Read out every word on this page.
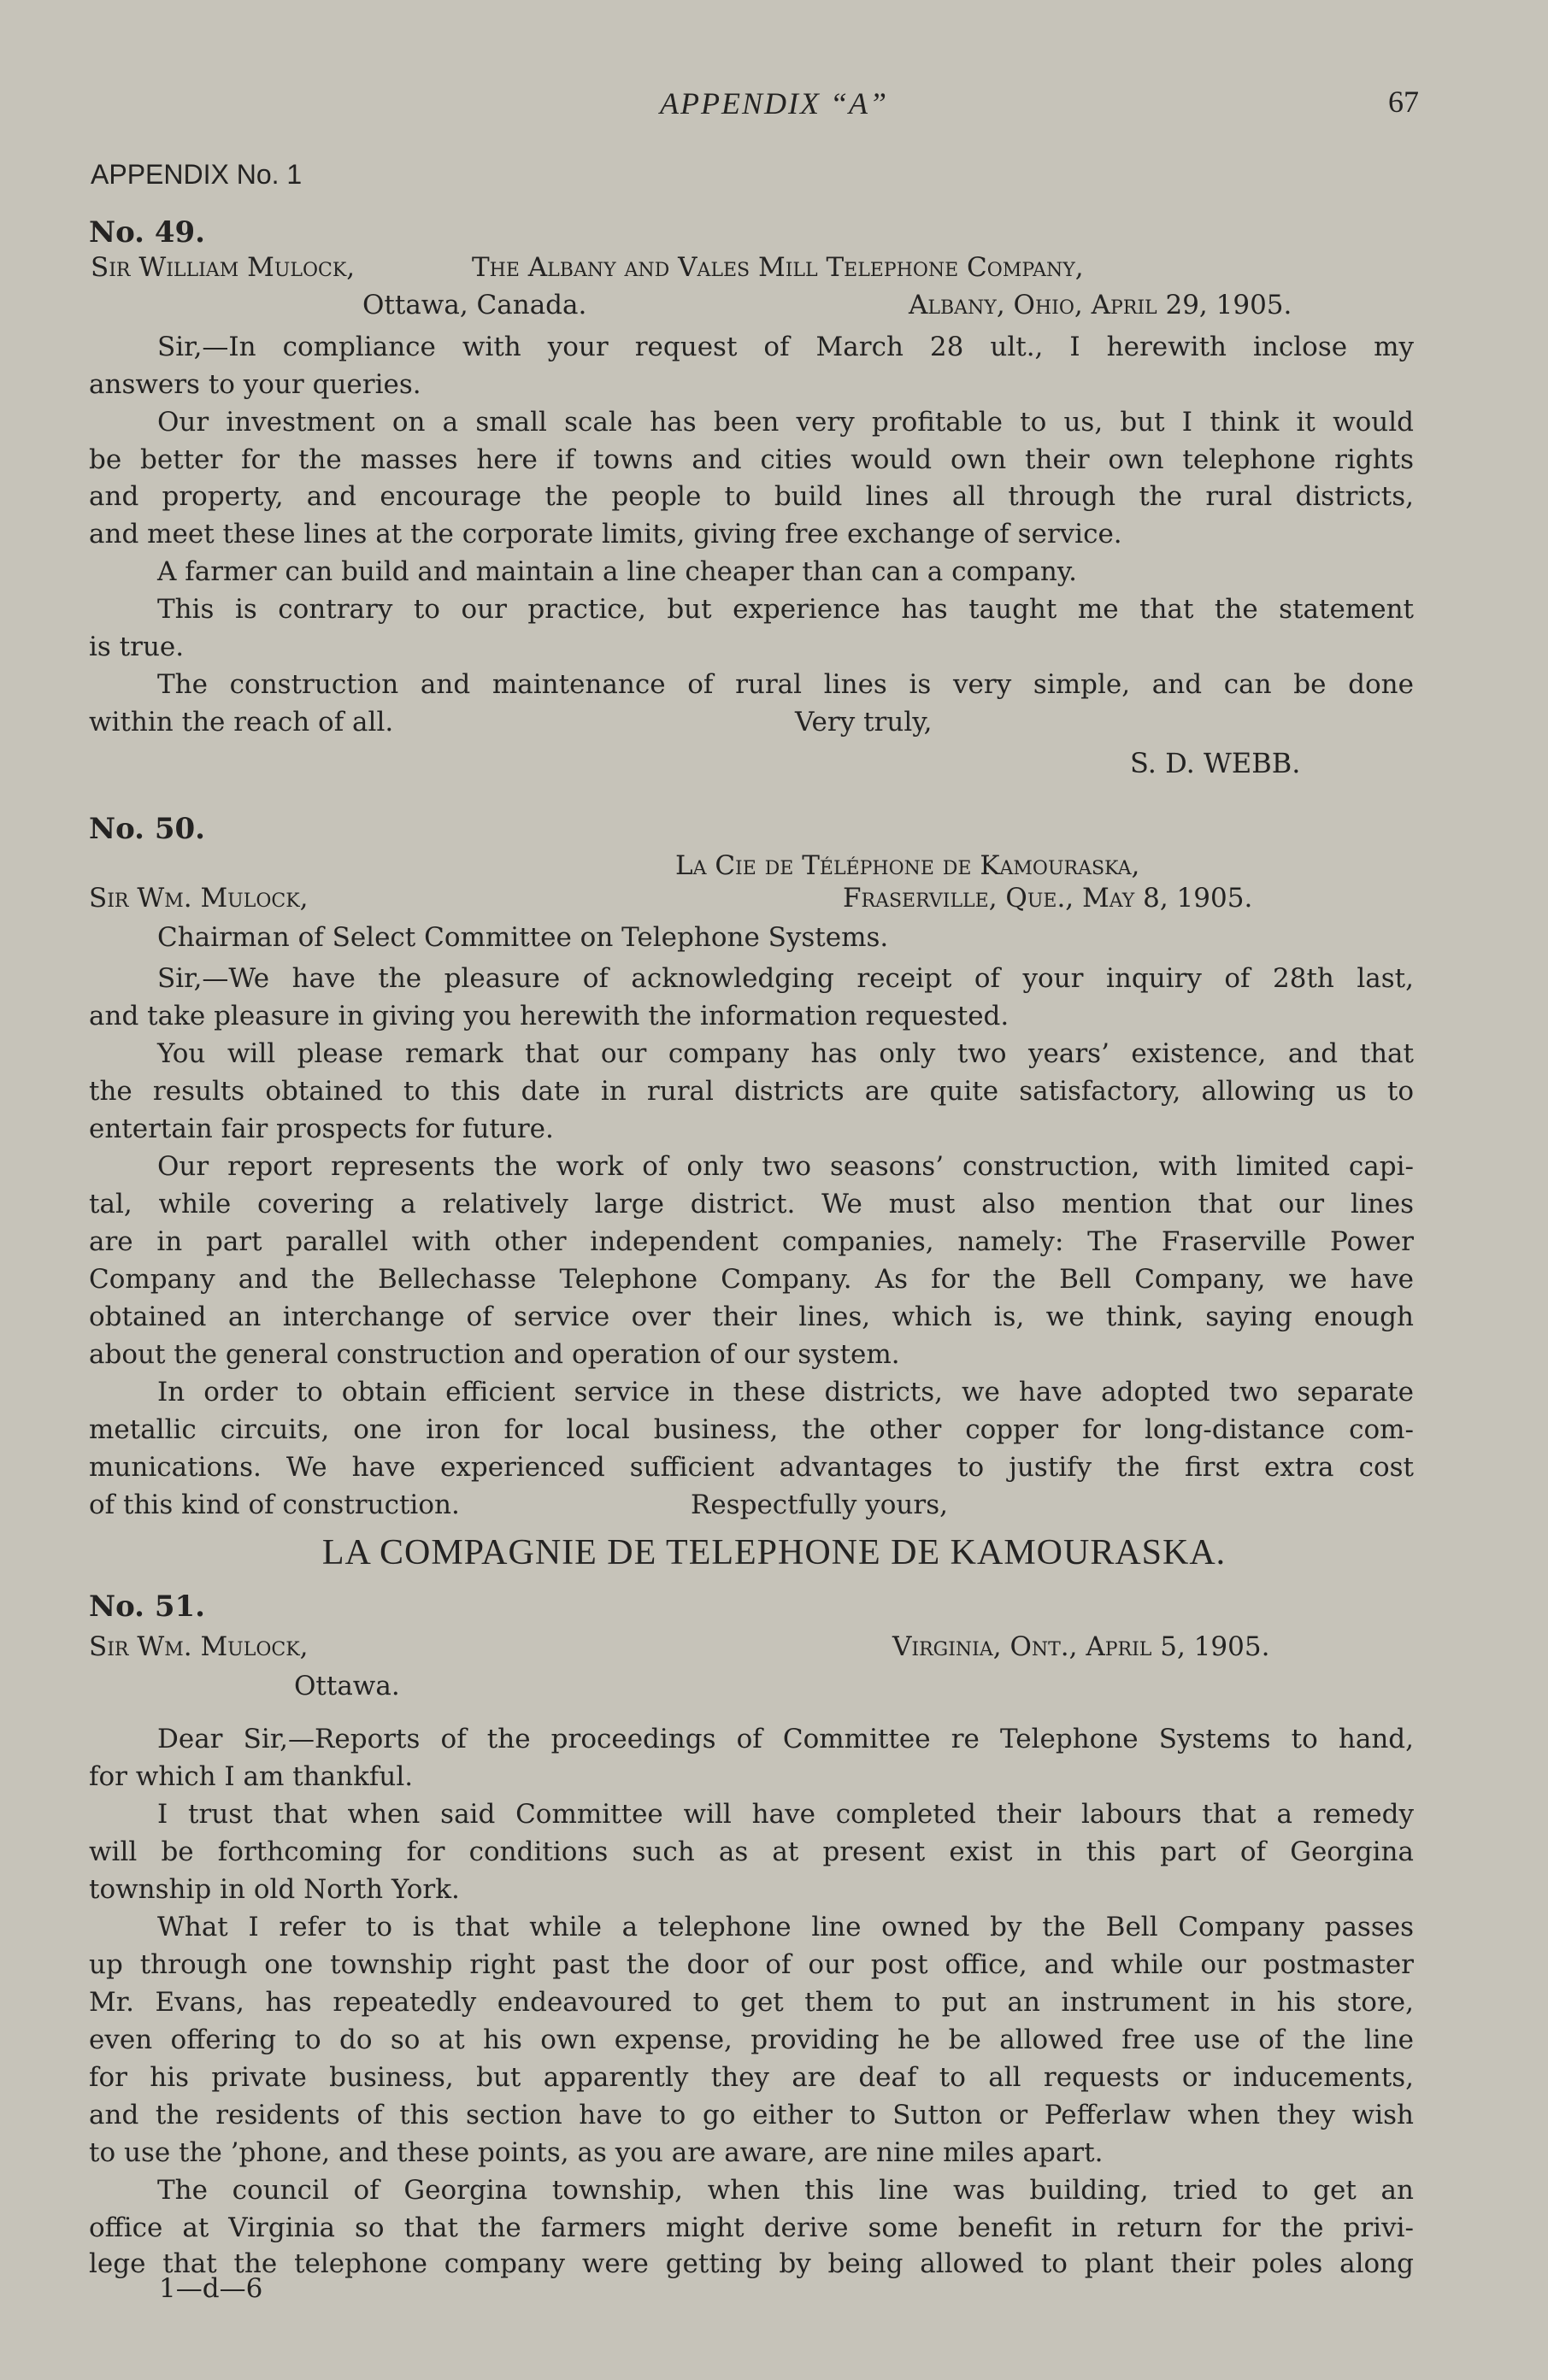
APPENDIX “A”	67
APPENDIX No. 1
No. 49.
Sir William Mulock,	The Albany and Vales Mill Telephone Company,
Ottawa, Canada.	Albany, Ohio, April 29, 1905.
Sir,—In compliance with your request of March 28 ult., I herewith inclose my
answers to your queries.
Our investment on a small scale has been very profitable to us, but I think it would
be better for the masses here if towns and cities would own their own telephone rights
and property, and encourage the people to build lines all through the rural districts,
and meet these lines at the corporate limits, giving free exchange of service.
A farmer can build and maintain a line cheaper than can a company.
This is contrary to our practice, but experience has taught me that the statement
is true.
The construction and maintenance of rural lines is very simple, and can be done
within the reach of all.	Very truly,
S. D. WEBB.
No. 50.
La Cie de Téléphone de Kamouraska,
Sir Wm. Mulock,	Fraserville, Que., May 8, 1905.
Chairman of Select Committee on Telephone Systems.
Sir,—We have the pleasure of acknowledging receipt of your inquiry of 28th last,
and take pleasure in giving you herewith the information requested.
You will please remark that our company has only two years’ existence, and that
the results obtained to this date in rural districts are quite satisfactory, allowing us to
entertain fair prospects for future.
Our report represents the work of only two seasons’ construction, with limited capi-
tal, while covering a relatively large district. We must also mention that our lines
are in part parallel with other independent companies, namely: The Fraserville Power
Company and the Bellechasse Telephone Company. As for the Bell Company, we have
obtained an interchange of service over their lines, which is, we think, saying enough
about the general construction and operation of our system.
In order to obtain efficient service in these districts, we have adopted two separate
metallic circuits, one iron for local business, the other copper for long-distance com-
munications. We have experienced sufficient advantages to justify the first extra cost
of this kind of construction.	Respectfully yours,
LA COMPAGNIE DE TELEPHONE DE KAMOURASKA.
No. 51.
Sir Wm. Mulock,	Virginia, Ont., April 5, 1905.
Ottawa.
Dear Sir,—Reports of the proceedings of Committee re Telephone Systems to hand,
for which I am thankful.
I trust that when said Committee will have completed their labours that a remedy
will be forthcoming for conditions such as at present exist in this part of Georgina
township in old North York.
What I refer to is that while a telephone line owned by the Bell Company passes
up through one township right past the door of our post office, and while our postmaster
Mr. Evans, has repeatedly endeavoured to get them to put an instrument in his store,
even offering to do so at his own expense, providing he be allowed free use of the line
for his private business, but apparently they are deaf to all requests or inducements,
and the residents of this section have to go either to Sutton or Pefferlaw when they wish
to use the ’phone, and these points, as you are aware, are nine miles apart.
The council of Georgina township, when this line was building, tried to get an
office at Virginia so that the farmers might derive some benefit in return for the privi-
lege that the telephone company were getting by being allowed to plant their poles along
1—d—6
